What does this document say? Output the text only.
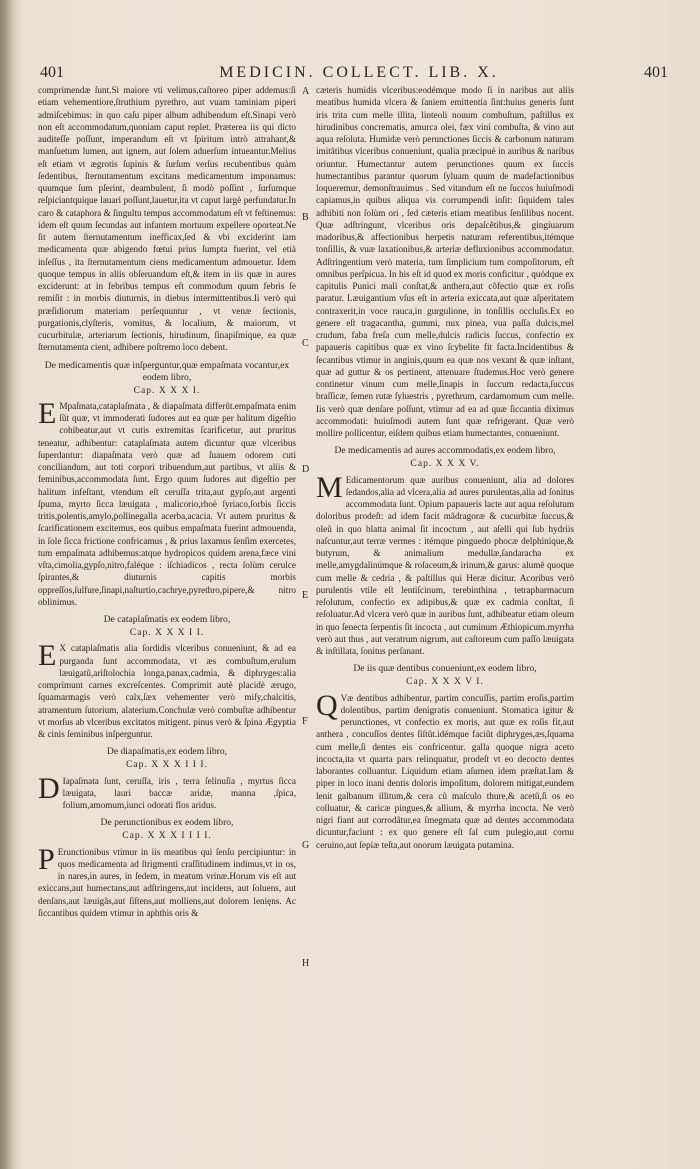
401	MEDICIN. COLLECT. LIB. X.	401
A
B
C
D
E
F
G
H

comprimendæ ſunt.Si maiore vti velimus,caſtoreo piper addemus:ſi etiam vehementiore,ſtruthium pyrethro, aut vuam taminiam piperi admiſcebimus: in quo caſu piper album adhibendum eſt.Sinapi verò non eſt accommodatum,quoniam caput replet. Præterea iis qui dicto auditeſſe poſſunt, imperandum eſt vt ſpiritum intrò attrahant,& manſuetum lumen, aut ignem, aut ſolem aduerſum intueantur.Melius eſt etiam vt ægrotis ſupinis & ſurſum verſus recubentibus quàm ſedentibus, ſternutamentum excitans medicamentum imponamus: quumque ſum pſerint, deambulent, ſi modò poſſint , ſurſumque reſpiciantquique lauari poſſunt,lauetur,ita vt caput largè perfundatur.In caro & cataphora & ſingultu tempus accommodatum eſt vt feſtinemus: idem eſt quum ſecundas aut infantem mortuum expellere oporteat.Ne ſit autem ſternutamentum inefficax,ſed & vbi exciderint iam medicamenta quæ abigendo fœtui prius ſumpta fuerint, vel etià inſeſſus , ita ſternutamentum ciens medicamentum admouetur. Idem quoque tempus in aliis obſeruandum eſt,& item in iis quæ in aures exciderunt: at in febribus tempus eſt commodum quum febris ſe remiſit : in morbis diuturnis, in diebus intermittentibus.Ii verò qui præſidiorum materiam perſequuntur , vt venæ ſectionis, purgationis,clyſteris, vomitus, & localium, & maiorum, vt cucurbitulæ, arteriarum ſectionis, hirudinum, ſinapiſmique, ea quæ ſternutamenta cient, adhibere poſtremo loco debent.

De medicamentis quæ inſperguntur,quæ empaſmata vocantur,ex eodem libro,
Cap. X X X I.

E Mpaſmata,cataplaſmata , & diapaſmata differũt.empaſmata enim ſũt quæ, vt immoderati ſudores aut ea quæ per halitum digeſtio cohibeatur,aut vt cutis extremitas ſcarificetur, aut pruritus teneatur, adhibentur: cataplaſmata autem dicuntur quæ vlceribus ſuperdantur: diapaſmata verò quæ ad ſuauem odorem cuti conciliandum, aut toti corpori tribuendum,aut partibus, vt aliis & feminibus,accommodata ſunt. Ergo quum ſudores aut digeſtio per halitum infeſtant, vtendum eſt ceruſſa trita,aut gypſo,aut argenti ſpuma, myrto ſicca læuigata , malicorio,rhoë ſyriaco,ſorbis ſiccis tritis,polentis,amylo,pollinegalla acerba,acacia. Vt autem pruritus & ſcarificationem excitemus, eos quibus empaſmata fuerint admouenda, in ſole ſicca frictione confricamus , & prius laxamus ſenſim exercetes, tum empaſmata adhibemus:atque hydropicos quidem arena,fæce vini vſta,cimolia,gypſo,nitro,faléque : iſchiadicos , recta ſolùm cerulce ſpirantes,& diuturnis capitis morbis oppreſſos,ſulfure,ſinapi,naſturtio,cachrye,pyrethro,pipere,& nitro oblinimus.

De cataplaſmatis ex eodem libro,
Cap. X X X I I.

E X cataplaſmatis alia ſordidis vlceribus conueniunt, & ad ea purganda ſunt accommodata, vt æs combuſtum,erulum læuigatũ,ariſtolochia longa,panax,cadmia, & diphryges:alia comprimunt carnes excreſcentes. Comprimit autè placidè ærugo, ſquamarmagis verò calx,ſæx vehementer verò miſy,chalcitis, atramentum ſutorium, alaterium.Conchulæ verò combuſtæ adhibentur vt morſus ab vlceribus excitatos mitigent. pinus verò & ſpina Ægyptia & cinis ſeminibus inſperguntur.

De diapaſmatis,ex eodem libro,
Cap. X X X I I I.

D Iapaſmata ſunt, ceruſſa, iris , terra ſelinuſia , myrtus ſicca læuigata, lauri baccæ aridæ, manna ,ſpica, folium,amomum,iunci odorati flos aridus.

De perunctionibus ex eodem libro,
Cap. X X X I I I I.

P Erunctionibus vtimur in iis meatibus qui ſenſu percipiuntur: in quos medicamenta ad ſtrigmenti craſſitudinem indimus,vt in os, in nares,in aures, in ſedem, in meatum vrinæ.Horum vis eſt aut exiccans,aut humectans,aut adſtringens,aut incidens, aut ſoluens, aut denſans,aut læuigãs,aut ſiſtens,aut molliens,aut dolorem lenięns. Ac ſiccantibus quidem vtimur in aphthis oris &

cæteris humidis vlceribus:eodémque modo ſi in naribus aut aliis meatibus humida vlcera & ſaniem emittentia ſint:huius generis ſunt iris trita cum melle illita, linteoli nouum combuſtum, paſtillus ex hirudinibus concrematis, amurca olei, fæx vini combuſta, & vino aut aqua reſoluta. Humidæ verò perunctiones ſiccis & carbonum naturam imitãtibus vlceribus conueniunt, qualia præcipuè in auribus & naribus oriuntur. Humectantur autem perunctiones quum ex ſuccis humectantibus parantur quorum ſyluam quum de madefactionibus loqueremur, demonſtrauimus . Sed vitandum eſt ne ſuccos huiuſmodi capiamus,in quibus aliqua vis corrumpendi inſit: ſiquidem tales adhibiti non ſolùm ori , ſed cæteris etiam meatibus ſenſilibus nocent. Quæ adſtringunt, vlceribus oris depaſcẽtibus,& gingiuarum madoribus,& affectionibus herpetis naturam referentibus,itémque tonſillis, & vuæ laxationibus,& arteriæ defluxionibus accommodatur. Adſtringentium verò materia, tum ſimplicium tum compoſitorum, eſt omnibus perſpicua. In his eſt id quod ex moris conficitur , quódque ex capitulis Punici mali conſtat,& anthera,aut cõfectio quæ ex roſis paratur. Læuigantium vſus eſt in arteria exiccata,aut quæ aſperitatem contraxerit,in voce rauca,in gurgulione, in tonſillis occluſis.Ex eo genere eſt tragacantha, gummi, nux pinea, vua paſſa dulcis,mel crudum, faba freſa cum melle,dulcis radicis ſuccus, confectio ex papaueris capitibus quæ ex vino ſcybelite fit facta.Incidentibus & ſecantibus vtimur in anginis,quum ea quæ nos vexant & quæ inſtant, quæ ad guttur & os pertinent, attenuare ſtudemus.Hoc verò genere continetur vinum cum melle,ſinapis in ſuccum redacta,ſuccus braſſicæ, ſemen rutæ ſyluestris , pyrethrum, cardamomum cum melle. Iis verò quæ denſare poſſunt, vtimur ad ea ad quæ ſiccantia diximus accommodati: huiuſmodi autem ſunt quæ refrigerant. Quæ verò mollire pollicentur, eiſdem quibus etiam humectantes, conueniunt.

De medicamentis ad aures accommodatis,ex eodem libro,
Cap. X X X V.

M Edicamentorum quæ auribus conueniunt, alia ad dolores ſedandos,alia ad vlcera,alia ad aures purulentas,alia ad ſonitus accommodata ſunt. Opium papaueris lacte aut aqua reſolutum doloribus prodeſt: ad idem facit mãdragoræ & cucurbitæ ſuccus,& oleũ in quo blatta animal ſit incoctum , aut aſelli qui ſub hydriis naſcuntur,aut terræ vermes : itémque pinguedo phocæ delphinique,& butyrum, & animalium medullæ,ſandaracha ex melle,amygdalinúmque & roſaceum,& irinum,& garus: alumẽ quoque cum melle & cedria , & paſtillus qui Heræ dicitur. Acoribus verò purulentis vtile eſt lentiſcinum, terebinthina , tetrapharmacum reſolutum, confectio ex adipibus,& quæ ex cadmia conſtat, ſi reſoluatur.Ad vlcera verò quæ in auribus ſunt, adhibeatur etiam oleum in quo ſenecta ſerpentis ſit incocta , aut cuminum Æthiopicum.myrrha verò aut thus , aut veratrum nigrum, aut caſtoreum cum paſſo læuigata & inſtillata, ſonitus perſanant.

De iis quæ dentibus conueniunt,ex eodem libro,
Cap. X X X V I.

Q Væ dentibus adhibentur, partim concuſſis, partim eroſis,partim dolentibus, partim denigratis conueniunt. Stomatica igitur & perunctiones, vt confectio ex moris, aut quæ ex roſis fit,aut anthera , concuſſos dentes ſiſtũt.idémque faciũt diphryges,æs,ſquama cum melle,ſi dentes eis confricentur. galla quoque nigra aceto incocta,ita vt quarta pars relinquatur, prodeſt vt eo decocto dentes laborantes colluantur. Liquidum etiam aſumen idem præſtat.Iam & piper in loco inani dentis doloris impoſitum, dolorem mitigat,eundem lenit galbanum illitum,& cera cũ maſculo thure,& acetũ,ſi os eo colluatur, & caricæ pingues,& allium, & myrrha incocta. Ne verò nigri fiant aut corrodãtur,ea ſmegmata quæ ad dentes accommodata dicuntur,faciunt : ex quo genere eſt ſal cum pulegio,aut cornu ceruino,aut ſepiæ teſta,aut onorum læuigata putamina.
